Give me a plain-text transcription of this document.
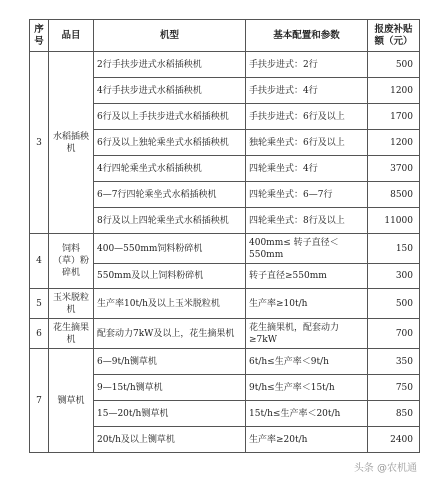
序号	品目	机型	基本配置和参数	报废补贴额（元）
3	水稻插秧机	2行手扶步进式水稻插秧机	手扶步进式：2行	500
		4行手扶步进式水稻插秧机	手扶步进式：4行	1200
		6行及以上手扶步进式水稻插秧机	手扶步进式：6行及以上	1700
		6行及以上独轮乘坐式水稻插秧机	独轮乘坐式：6行及以上	1200
		4行四轮乘坐式水稻插秧机	四轮乘坐式：4行	3700
		6—7行四轮乘坐式水稻插秧机	四轮乘坐式：6—7行	8500
		8行及以上四轮乘坐式水稻插秧机	四轮乘坐式：8行及以上	11000
4	饲料（草）粉碎机	400—550mm饲料粉碎机	400mm≤ 转子直径＜550mm	150
		550mm及以上饲料粉碎机	转子直径≥550mm	300
5	玉米脱粒机	生产率10t/h及以上玉米脱粒机	生产率≥10t/h	500
6	花生摘果机	配套动力7kW及以上，花生摘果机	花生摘果机，配套动力≥7kW	700
7	铡草机	6—9t/h铡草机	6t/h≤生产率＜9t/h	350
		9—15t/h铡草机	9t/h≤生产率＜15t/h	750
		15—20t/h铡草机	15t/h≤生产率＜20t/h	850
		20t/h及以上铡草机	生产率≥20t/h	2400
头条 @农机通
